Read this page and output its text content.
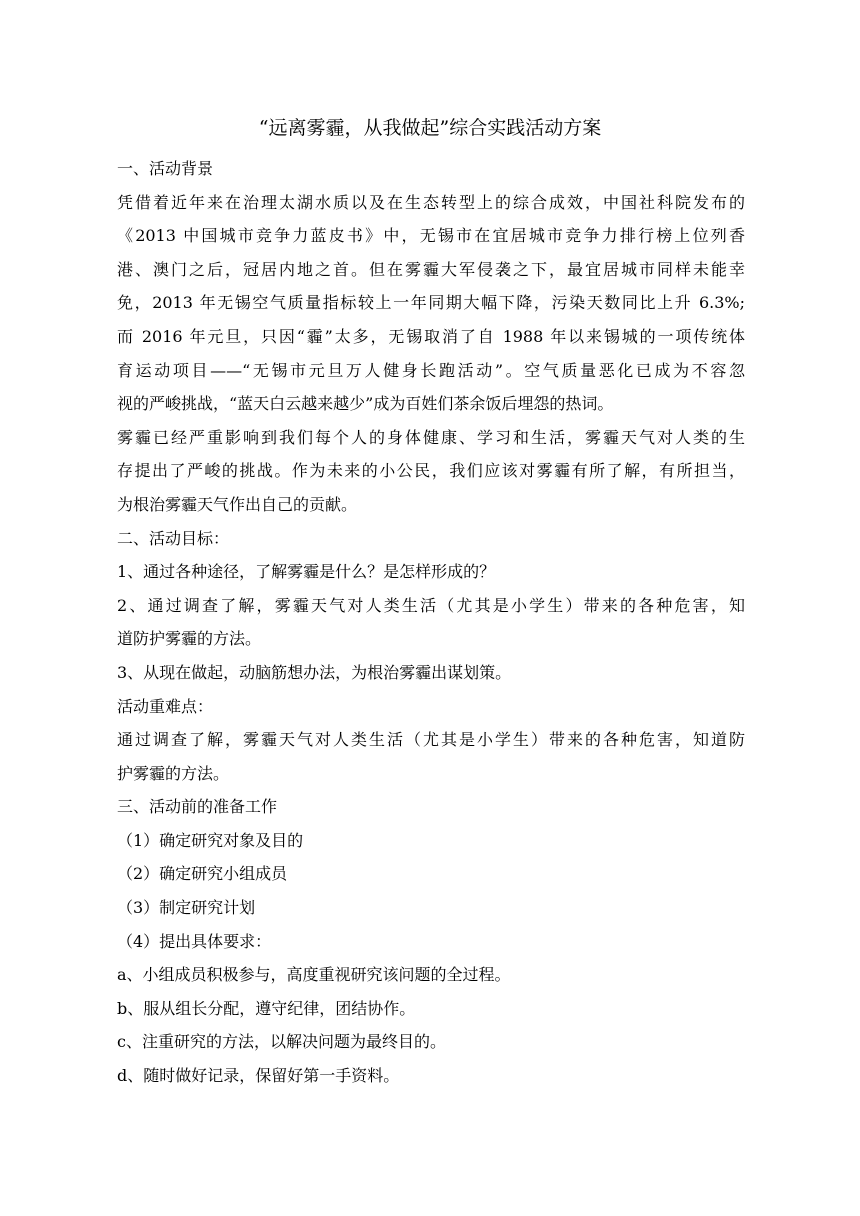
“远离雾霾，从我做起”综合实践活动方案
一、活动背景
凭借着近年来在治理太湖水质以及在生态转型上的综合成效，中国社科院发布的
《2013 中国城市竞争力蓝皮书》中，无锡市在宜居城市竞争力排行榜上位列香
港、澳门之后，冠居内地之首。但在雾霾大军侵袭之下，最宜居城市同样未能幸
免，2013 年无锡空气质量指标较上一年同期大幅下降，污染天数同比上升 6.3%;
而 2016 年元旦，只因“霾”太多，无锡取消了自 1988 年以来锡城的一项传统体
育运动项目——“无锡市元旦万人健身长跑活动”。空气质量恶化已成为不容忽
视的严峻挑战，“蓝天白云越来越少”成为百姓们茶余饭后埋怨的热词。
雾霾已经严重影响到我们每个人的身体健康、学习和生活，雾霾天气对人类的生
存提出了严峻的挑战。作为未来的小公民，我们应该对雾霾有所了解，有所担当，
为根治雾霾天气作出自己的贡献。
二、活动目标：
1、通过各种途径，了解雾霾是什么？是怎样形成的？
2、通过调查了解，雾霾天气对人类生活（尤其是小学生）带来的各种危害，知
道防护雾霾的方法。
3、从现在做起，动脑筋想办法，为根治雾霾出谋划策。
活动重难点：
通过调查了解，雾霾天气对人类生活（尤其是小学生）带来的各种危害，知道防
护雾霾的方法。
三、活动前的准备工作
（1）确定研究对象及目的
（2）确定研究小组成员
（3）制定研究计划
（4）提出具体要求：
a、小组成员积极参与，高度重视研究该问题的全过程。
b、服从组长分配，遵守纪律，团结协作。
c、注重研究的方法，以解决问题为最终目的。
d、随时做好记录，保留好第一手资料。
